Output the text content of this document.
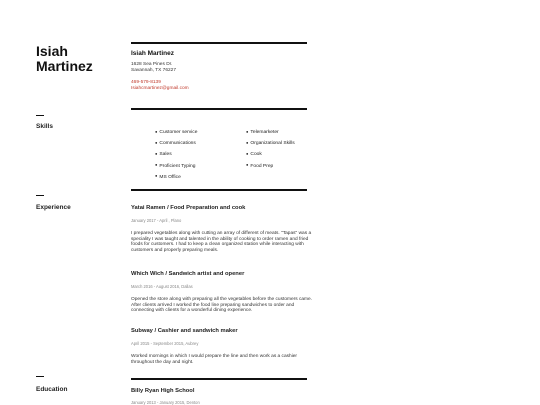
Isiah
Martinez
Isiah Martinez
1628 Sea Pines Dr.
Savannah, TX 76227
469-579-8139
Isiahcmartinez@gmail.com
Skills
● Customer service
● Communications
● Sales
● Proficient Typing
● MS Office
● Telemarketer
● Organizational Skills
● Cook
● Food Prep
Experience	Yatai Ramen / Food Preparation and cook
January 2017 - April , Plano
I prepared vegetables along with cutting an array of different of meats. "Tapas" was a speciality I was taught and talented in the ability of cooking to order ramen and fried foods for customers. I had to keep a clean organized station while interacting with customers and properly preparing meals.
Which Wich / Sandwich artist and opener
March 2016 - August 2016, Dallas
Opened the store along with preparing all the vegetables before the customers came. After clients arrived I worked the food line preparing sandwiches to order and connecting with clients for a wonderful dining experience.
Subway / Cashier and sandwich maker
April 2015 - September 2015, Aubrey
Worked mornings in which I would prepare the line and then work as a cashier throughout the day and night.
Education	Billy Ryan High School
January 2013 - January 2015, Denton
